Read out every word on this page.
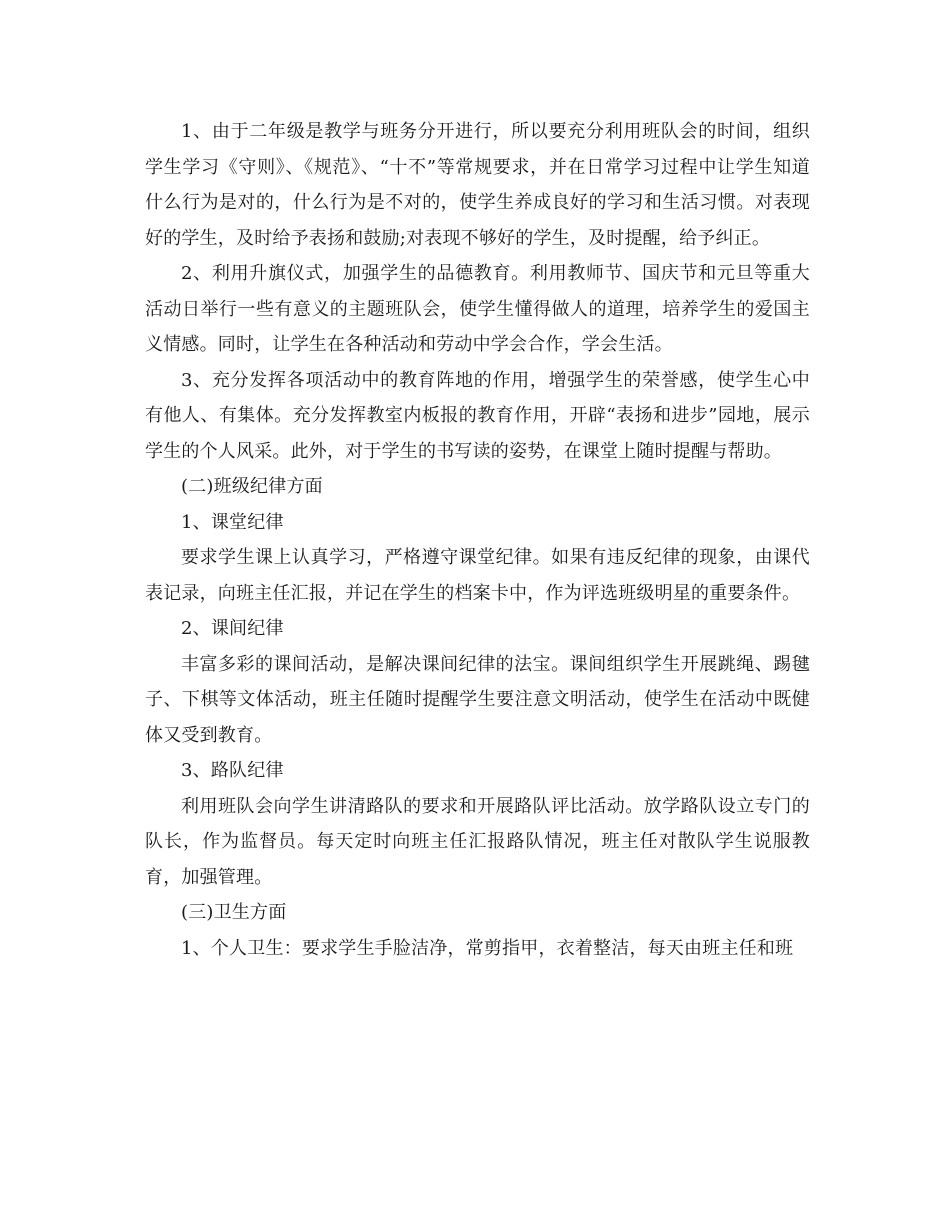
1、由于二年级是教学与班务分开进行，所以要充分利用班队会的时间，组织学生学习《守则》、《规范》、“十不”等常规要求，并在日常学习过程中让学生知道什么行为是对的，什么行为是不对的，使学生养成良好的学习和生活习惯。对表现好的学生，及时给予表扬和鼓励;对表现不够好的学生，及时提醒，给予纠正。

2、利用升旗仪式，加强学生的品德教育。利用教师节、国庆节和元旦等重大活动日举行一些有意义的主题班队会，使学生懂得做人的道理，培养学生的爱国主义情感。同时，让学生在各种活动和劳动中学会合作，学会生活。

3、充分发挥各项活动中的教育阵地的作用，增强学生的荣誉感，使学生心中有他人、有集体。充分发挥教室内板报的教育作用，开辟“表扬和进步”园地，展示学生的个人风采。此外，对于学生的书写读的姿势，在课堂上随时提醒与帮助。

(二)班级纪律方面

1、课堂纪律

要求学生课上认真学习，严格遵守课堂纪律。如果有违反纪律的现象，由课代表记录，向班主任汇报，并记在学生的档案卡中，作为评选班级明星的重要条件。

2、课间纪律

丰富多彩的课间活动，是解决课间纪律的法宝。课间组织学生开展跳绳、踢毽子、下棋等文体活动，班主任随时提醒学生要注意文明活动，使学生在活动中既健体又受到教育。

3、路队纪律

利用班队会向学生讲清路队的要求和开展路队评比活动。放学路队设立专门的队长，作为监督员。每天定时向班主任汇报路队情况，班主任对散队学生说服教育，加强管理。

(三)卫生方面

1、个人卫生：要求学生手脸洁净，常剪指甲，衣着整洁，每天由班主任和班
